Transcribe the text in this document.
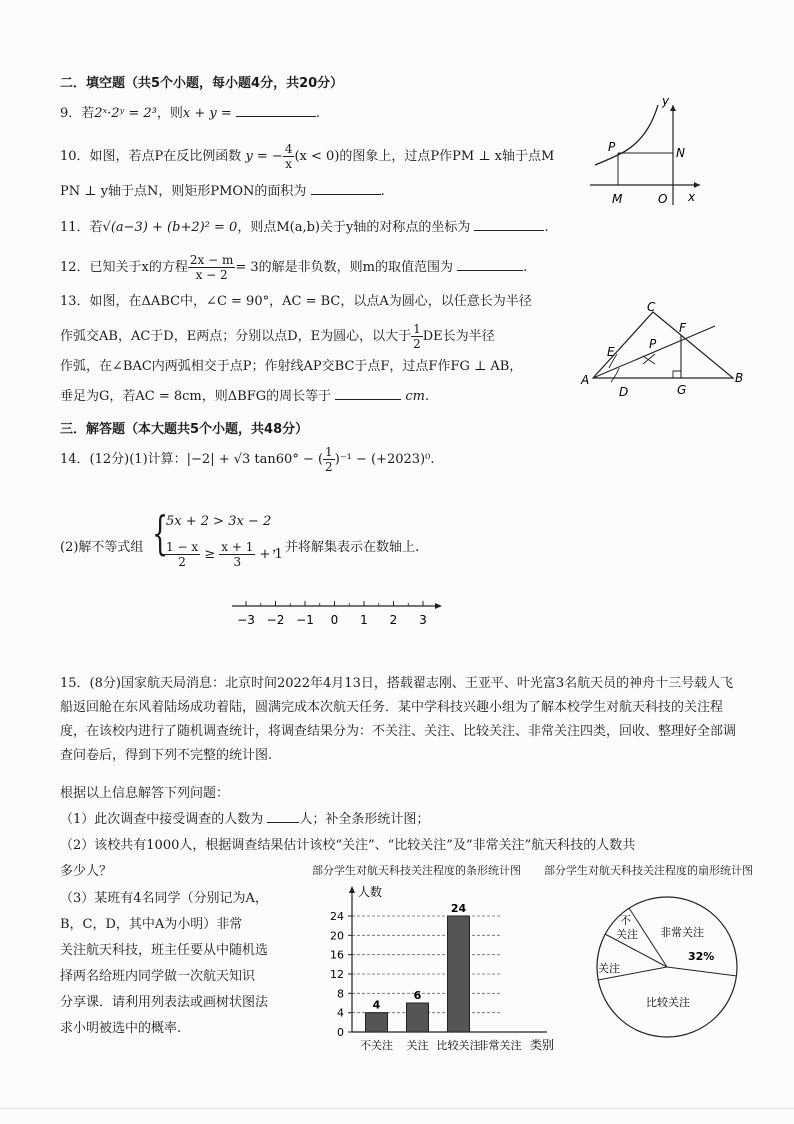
二．填空题（共5个小题，每小题4分，共20分）
9．若2ˣ·2ʸ = 2³，则x + y =	.
10．如图，若点P在反比例函数 y = − $\frac{4}{x} (x < 0)$的图象上，过点P作PM ⊥ x轴于点M
PN ⊥ y轴于点N，则矩形PMON的面积为	.
y
P	N
M	O x
11．若√(a−3) + (b+2)² = 0，则点M(a,b)关于y轴的对称点的坐标为	.
12．已知关于x的方程 $\frac{2x - m}{x - 2} = 3$的解是非负数，则m的取值范围为	.
13．如图，在ΔABC中，∠C = 90°，AC = BC，以点A为圆心，以任意长为半径
作弧交AB，AC于D，E两点；分别以点D，E为圆心，以大于 $\frac{1}{2}$ DE长为半径
作弧，在∠BAC内两弧相交于点P；作射线AP交BC于点F，过点F作FG ⊥ AB，
垂足为G，若AC = 8cm，则ΔBFG的周长等于	cm.
C
F
P
E
A
D	G
B
三．解答题（本大题共5个小题，共48分）
14．(12分)(1)计算：|−2| + √3 tan60° − ( $\frac{1}{2} )^{-1} - (+2023)^0$.
(2)解不等式组 {
5x + 2 > 3x − 2
$\frac{1 - x}{2} \ge \frac{x + 1}{3} + 1$
，并将解集表示在数轴上.
−3 −2 −1 0 1 2 3
15．(8分)国家航天局消息：北京时间2022年4月13日，搭载翟志刚、王亚平、叶光富3名航天员的神舟十三号载人飞船返回舱在东风着陆场成功着陆，圆满完成本次航天任务．某中学科技兴趣小组为了解本校学生对航天科技的关注程度，在该校内进行了随机调查统计，将调查结果分为：不关注、关注、比较关注、非常关注四类，回收、整理好全部调查问卷后，得到下列不完整的统计图.
根据以上信息解答下列问题：
（1）此次调查中接受调查的人数为	人；补全条形统计图；
（2）该校共有1000人，根据调查结果估计该校“关注”、“比较关注”及“非常关注”航天科技的人数共
多少人？
（3）某班有4名同学（分别记为A，
B，C，D，其中A为小明）非常
关注航天科技，班主任要从中随机选
择两名给班内同学做一次航天知识
分享课．请利用列表法或画树状图法
求小明被选中的概率.
部分学生对航天科技关注程度的条形统计图 部分学生对航天科技关注程度的扇形统计图
0
4
8
12
16
20
24
人数
类别
4
不关注
6
关注
24
比较关注
非常关注
不
关注 非常关注
32%
关注
比较关注
